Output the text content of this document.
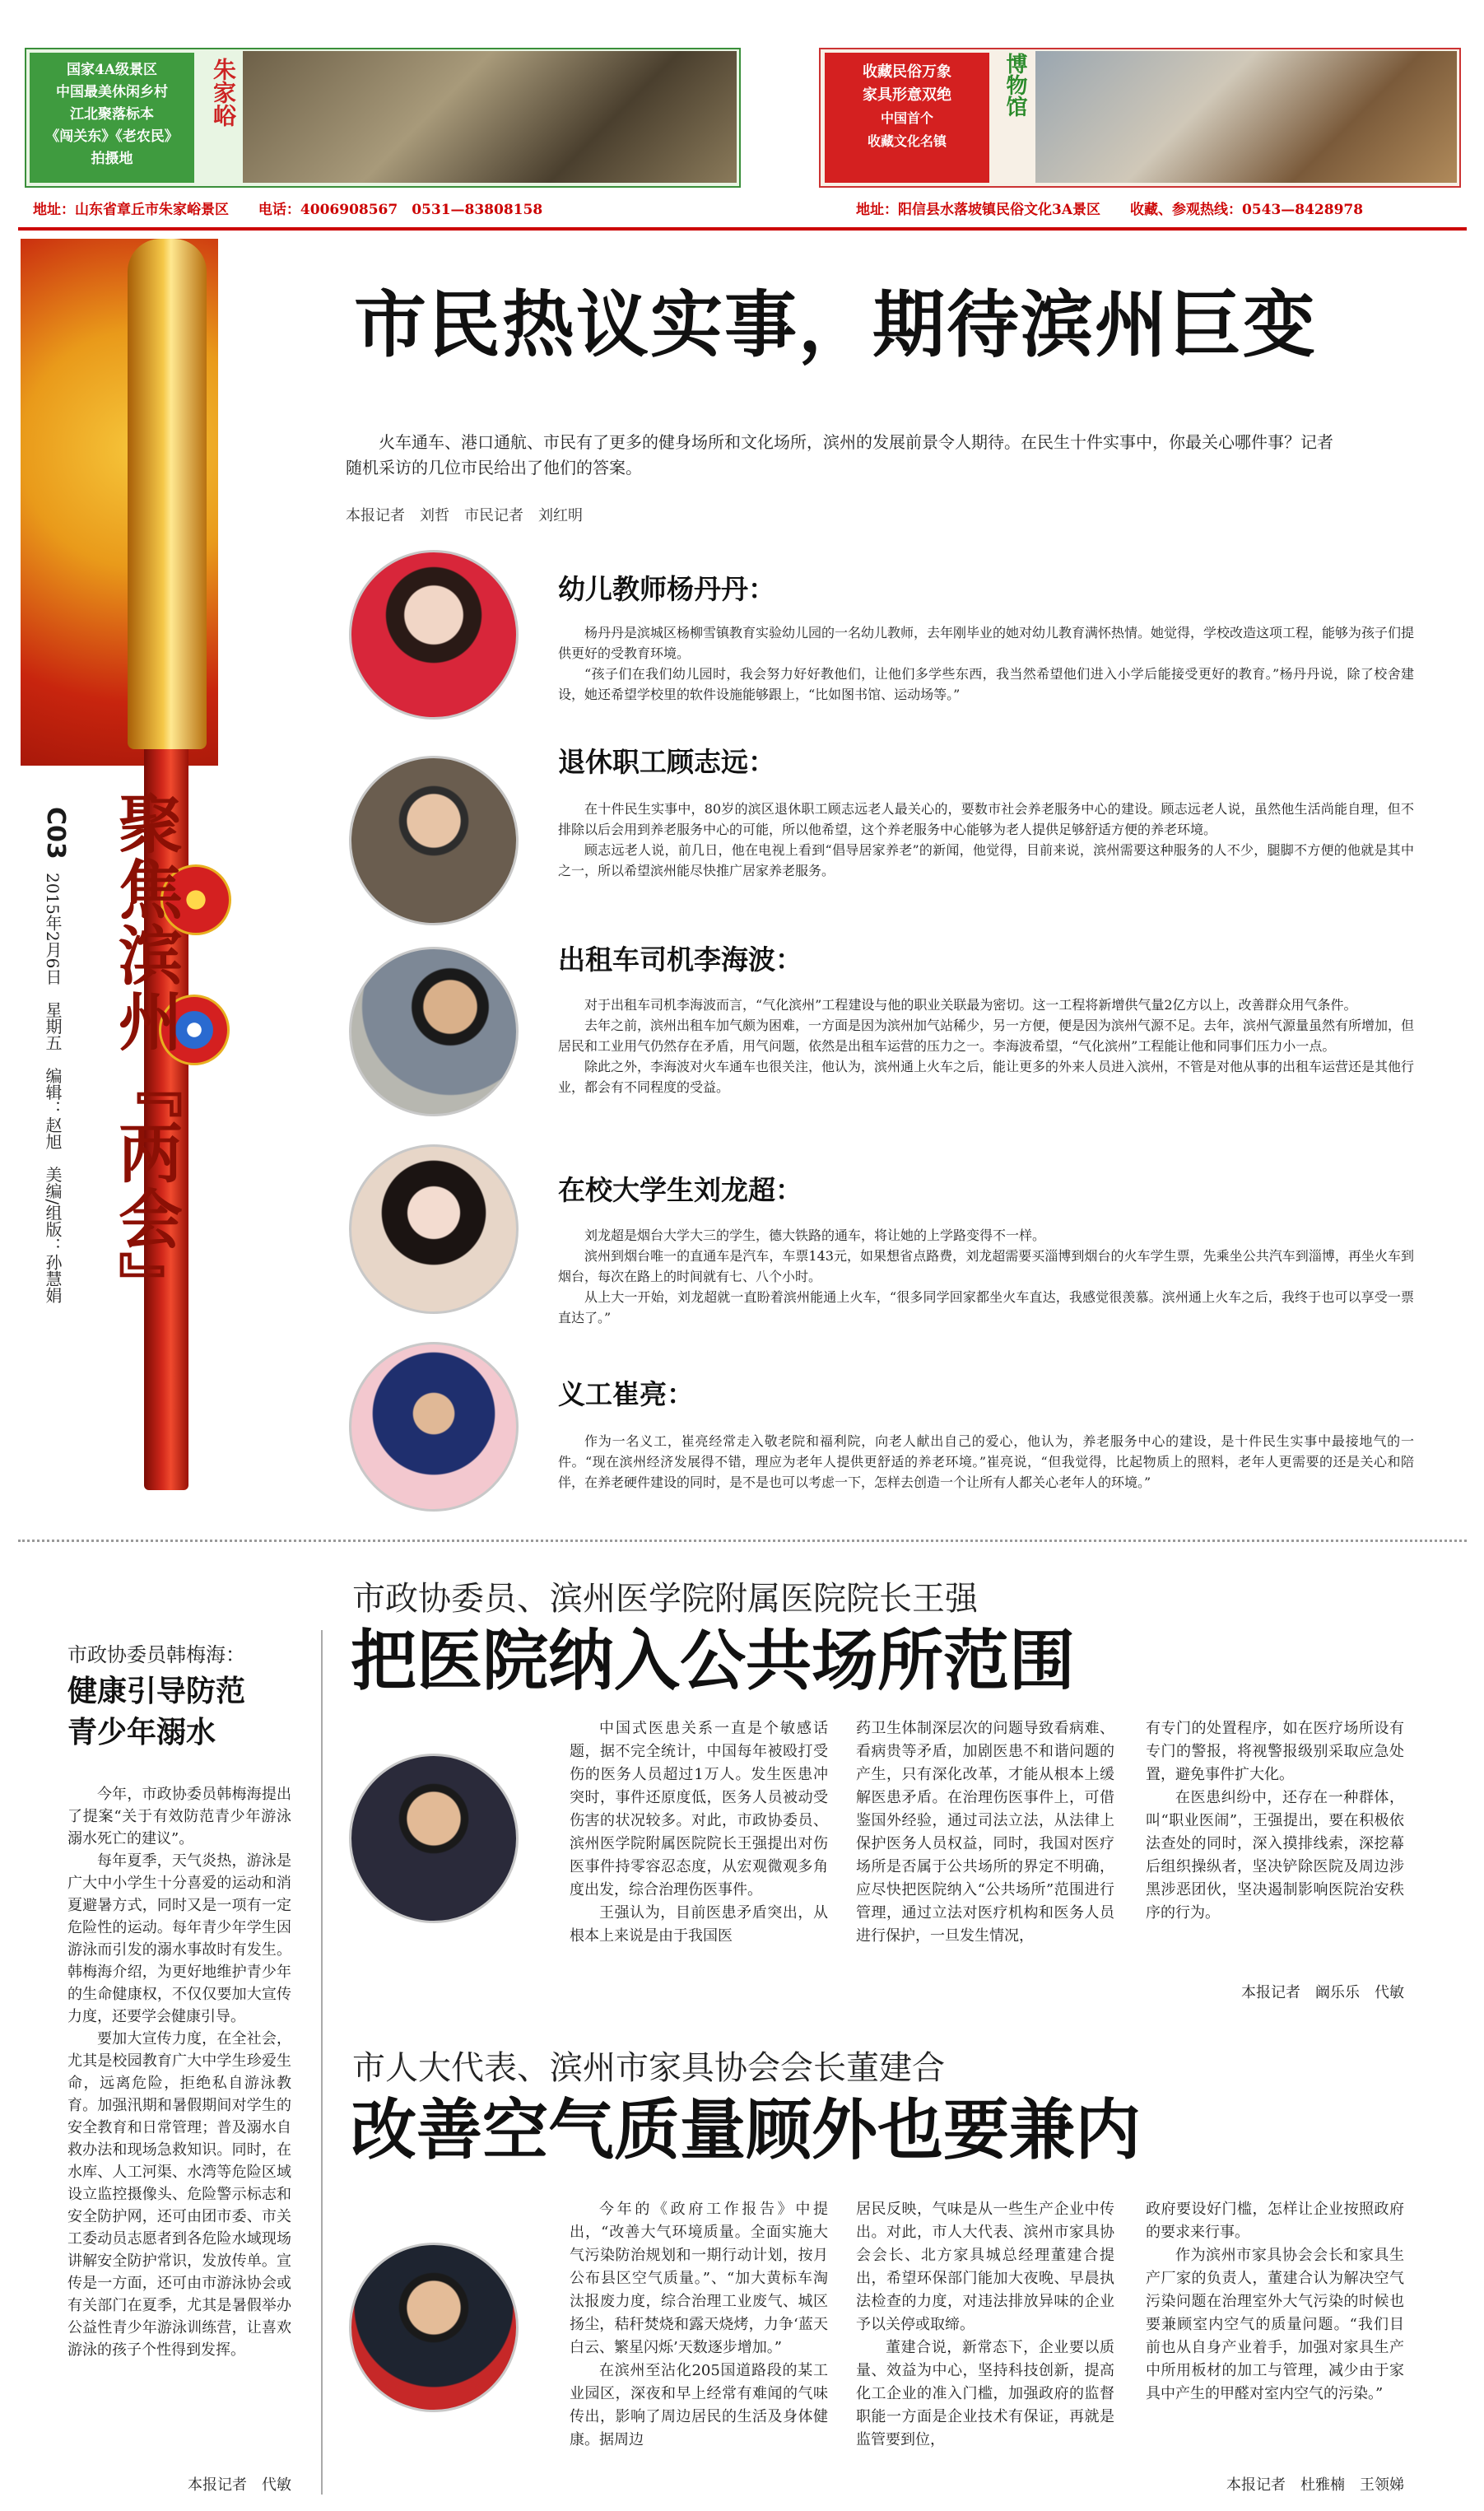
国家4A级景区
中国最美休闲乡村
江北聚落标本
《闯关东》《老农民》
拍摄地
朱家峪	收藏民俗万象
家具形意双绝
中国首个
收藏文化名镇
博物馆
地址：山东省章丘市朱家峪景区 电话：4006908567　0531—83808158	地址：阳信县水落坡镇民俗文化3A景区 收藏、参观热线：0543—8428978
聚焦滨州『两会』
C03
2015年2月6日　星期五　编辑：赵旭　美编/组版：孙慧娟
市民热议实事，期待滨州巨变
火车通车、港口通航、市民有了更多的健身场所和文化场所，滨州的发展前景令人期待。在民生十件实事中，你最关心哪件事？记者随机采访的几位市民给出了他们的答案。
本报记者　刘哲　市民记者　刘红明
幼儿教师杨丹丹：

杨丹丹是滨城区杨柳雪镇教育实验幼儿园的一名幼儿教师，去年刚毕业的她对幼儿教育满怀热情。她觉得，学校改造这项工程，能够为孩子们提供更好的受教育环境。

“孩子们在我们幼儿园时，我会努力好好教他们，让他们多学些东西，我当然希望他们进入小学后能接受更好的教育。”杨丹丹说，除了校舍建设，她还希望学校里的软件设施能够跟上，“比如图书馆、运动场等。”

退休职工顾志远：

在十件民生实事中，80岁的滨区退休职工顾志远老人最关心的，要数市社会养老服务中心的建设。顾志远老人说，虽然他生活尚能自理，但不排除以后会用到养老服务中心的可能，所以他希望，这个养老服务中心能够为老人提供足够舒适方便的养老环境。

顾志远老人说，前几日，他在电视上看到“倡导居家养老”的新闻，他觉得，目前来说，滨州需要这种服务的人不少，腿脚不方便的他就是其中之一，所以希望滨州能尽快推广居家养老服务。

出租车司机李海波：

对于出租车司机李海波而言，“气化滨州”工程建设与他的职业关联最为密切。这一工程将新增供气量2亿方以上，改善群众用气条件。

去年之前，滨州出租车加气颇为困难，一方面是因为滨州加气站稀少，另一方便，便是因为滨州气源不足。去年，滨州气源量虽然有所增加，但居民和工业用气仍然存在矛盾，用气问题，依然是出租车运营的压力之一。李海波希望，“气化滨州”工程能让他和同事们压力小一点。

除此之外，李海波对火车通车也很关注，他认为，滨州通上火车之后，能让更多的外来人员进入滨州，不管是对他从事的出租车运营还是其他行业，都会有不同程度的受益。

在校大学生刘龙超：

刘龙超是烟台大学大三的学生，德大铁路的通车，将让她的上学路变得不一样。

滨州到烟台唯一的直通车是汽车，车票143元，如果想省点路费，刘龙超需要买淄博到烟台的火车学生票，先乘坐公共汽车到淄博，再坐火车到烟台，每次在路上的时间就有七、八个小时。

从上大一开始，刘龙超就一直盼着滨州能通上火车，“很多同学回家都坐火车直达，我感觉很羡慕。滨州通上火车之后，我终于也可以享受一票直达了。”

义工崔亮：

作为一名义工，崔亮经常走入敬老院和福利院，向老人献出自己的爱心，他认为，养老服务中心的建设，是十件民生实事中最接地气的一件。“现在滨州经济发展得不错，理应为老年人提供更舒适的养老环境。”崔亮说，“但我觉得，比起物质上的照料，老年人更需要的还是关心和陪伴，在养老硬件建设的同时，是不是也可以考虑一下，怎样去创造一个让所有人都关心老年人的环境。”

市政协委员韩梅海：
健康引导防范
青少年溺水

今年，市政协委员韩梅海提出了提案“关于有效防范青少年游泳溺水死亡的建议”。

每年夏季，天气炎热，游泳是广大中小学生十分喜爱的运动和消夏避暑方式，同时又是一项有一定危险性的运动。每年青少年学生因游泳而引发的溺水事故时有发生。韩梅海介绍，为更好地维护青少年的生命健康权，不仅仅要加大宣传力度，还要学会健康引导。

要加大宣传力度，在全社会，尤其是校园教育广大中学生珍爱生命，远离危险，拒绝私自游泳教育。加强汛期和暑假期间对学生的安全教育和日常管理；普及溺水自救办法和现场急救知识。同时，在水库、人工河渠、水湾等危险区域设立监控摄像头、危险警示标志和安全防护网，还可由团市委、市关工委动员志愿者到各危险水域现场讲解安全防护常识，发放传单。宣传是一方面，还可由市游泳协会或有关部门在夏季，尤其是暑假举办公益性青少年游泳训练营，让喜欢游泳的孩子个性得到发挥。

本报记者　代敏
市政协委员、滨州医学院附属医院院长王强
把医院纳入公共场所范围

中国式医患关系一直是个敏感话题，据不完全统计，中国每年被殴打受伤的医务人员超过1万人。发生医患冲突时，事件还原度低，医务人员被动受伤害的状况较多。对此，市政协委员、滨州医学院附属医院院长王强提出对伤医事件持零容忍态度，从宏观微观多角度出发，综合治理伤医事件。

王强认为，目前医患矛盾突出，从根本上来说是由于我国医

药卫生体制深层次的问题导致看病难、看病贵等矛盾，加剧医患不和谐问题的产生，只有深化改革，才能从根本上缓解医患矛盾。在治理伤医事件上，可借鉴国外经验，通过司法立法，从法律上保护医务人员权益，同时，我国对医疗场所是否属于公共场所的界定不明确，应尽快把医院纳入“公共场所”范围进行管理，通过立法对医疗机构和医务人员进行保护，一旦发生情况，

有专门的处置程序，如在医疗场所设有专门的警报，将视警报级别采取应急处置，避免事件扩大化。

在医患纠纷中，还存在一种群体，叫“职业医闹”，王强提出，要在积极依法查处的同时，深入摸排线索，深挖幕后组织操纵者，坚决铲除医院及周边涉黑涉恶团伙，坚决遏制影响医院治安秩序的行为。

本报记者　阚乐乐　代敏
市人大代表、滨州市家具协会会长董建合
改善空气质量顾外也要兼内

今年的《政府工作报告》中提出，“改善大气环境质量。全面实施大气污染防治规划和一期行动计划，按月公布县区空气质量。”、“加大黄标车淘汰报废力度，综合治理工业废气、城区扬尘，秸秆焚烧和露天烧烤，力争‘蓝天白云、繁星闪烁’天数逐步增加。”

在滨州至沾化205国道路段的某工业园区，深夜和早上经常有难闻的气味传出，影响了周边居民的生活及身体健康。据周边

居民反映，气味是从一些生产企业中传出。对此，市人大代表、滨州市家具协会会长、北方家具城总经理董建合提出，希望环保部门能加大夜晚、早晨执法检查的力度，对违法排放异味的企业予以关停或取缔。

董建合说，新常态下，企业要以质量、效益为中心，坚持科技创新，提高化工企业的准入门槛，加强政府的监督职能一方面是企业技术有保证，再就是监管要到位，

政府要设好门槛，怎样让企业按照政府的要求来行事。

作为滨州市家具协会会长和家具生产厂家的负责人，董建合认为解决空气污染问题在治理室外大气污染的时候也要兼顾室内空气的质量问题。“我们目前也从自身产业着手，加强对家具生产中所用板材的加工与管理，减少由于家具中产生的甲醛对室内空气的污染。”

本报记者　杜雅楠　王领娣
